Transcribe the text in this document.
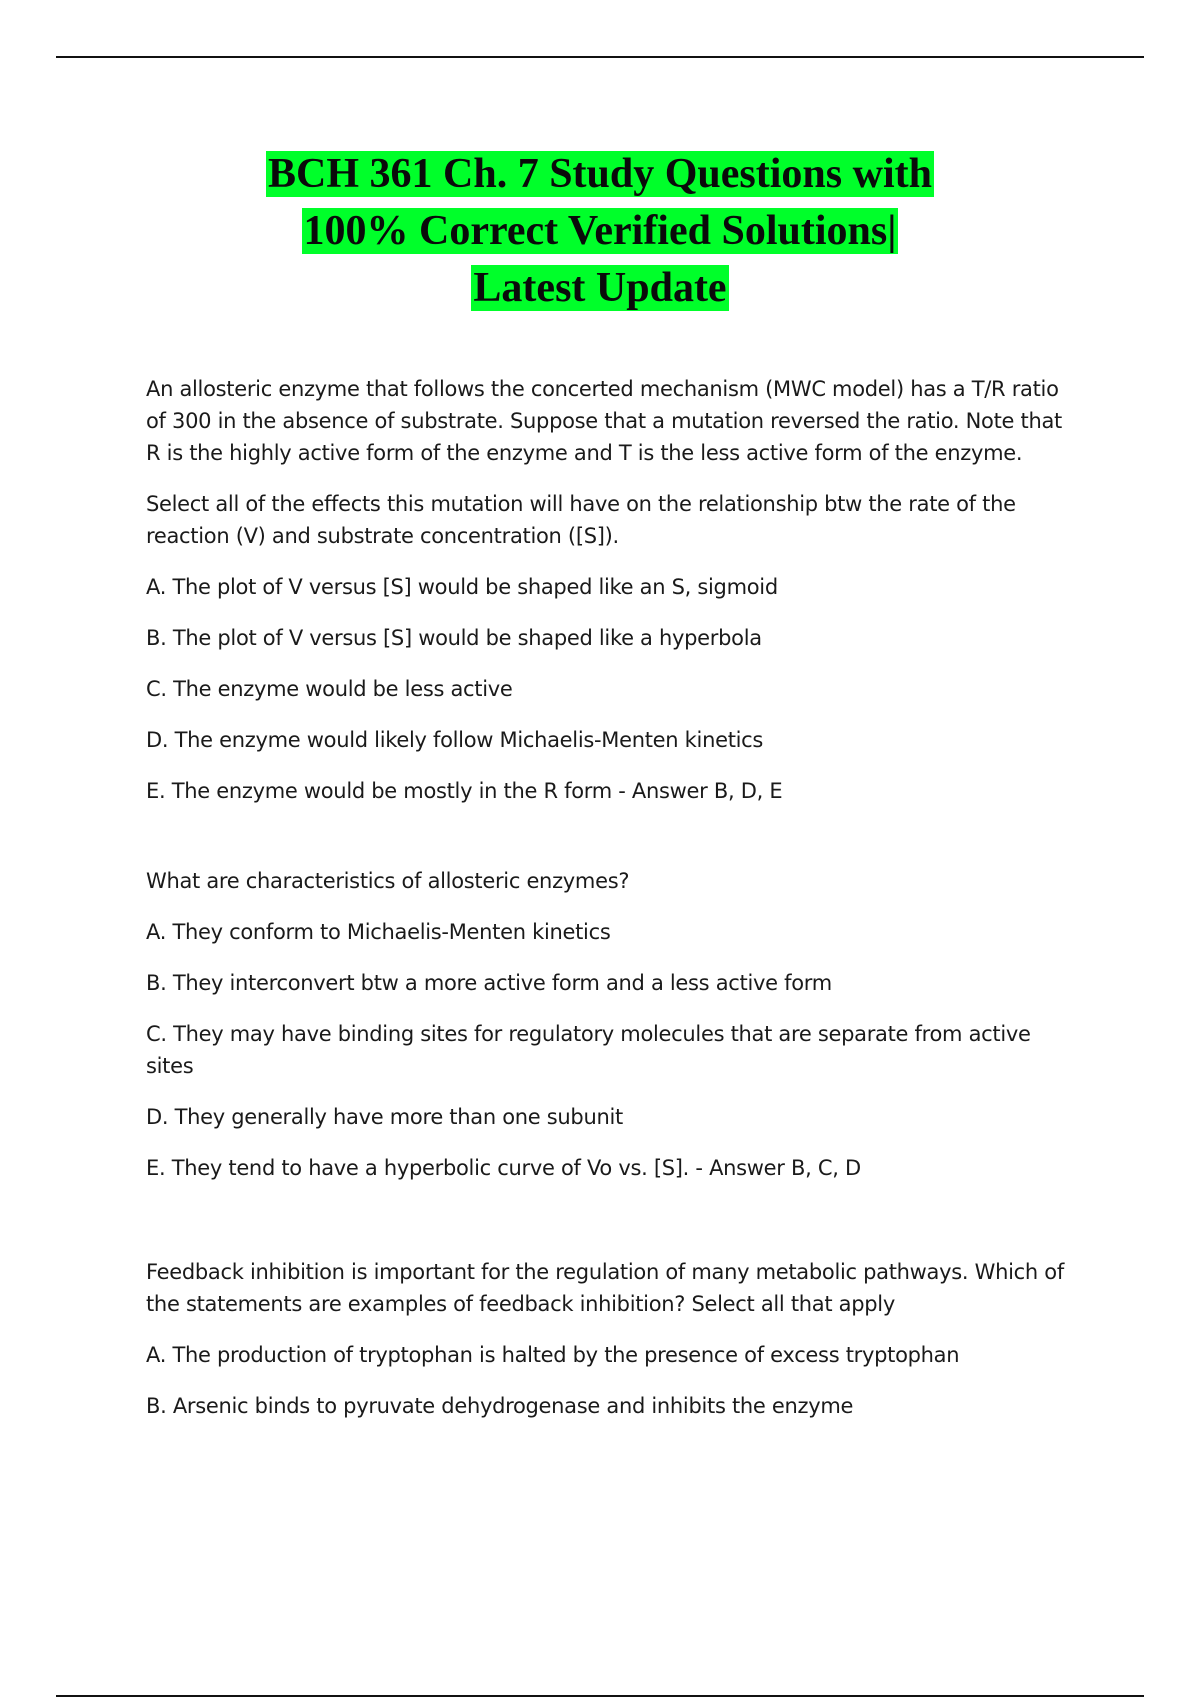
BCH 361 Ch. 7 Study Questions with
100% Correct Verified Solutions|
Latest Update

An allosteric enzyme that follows the concerted mechanism (MWC model) has a T/R ratio of 300 in the absence of substrate. Suppose that a mutation reversed the ratio. Note that R is the highly active form of the enzyme and T is the less active form of the enzyme.

Select all of the effects this mutation will have on the relationship btw the rate of the reaction (V) and substrate concentration ([S]).

A. The plot of V versus [S] would be shaped like an S, sigmoid

B. The plot of V versus [S] would be shaped like a hyperbola

C. The enzyme would be less active

D. The enzyme would likely follow Michaelis-Menten kinetics

E. The enzyme would be mostly in the R form - Answer B, D, E

What are characteristics of allosteric enzymes?

A. They conform to Michaelis-Menten kinetics

B. They interconvert btw a more active form and a less active form

C. They may have binding sites for regulatory molecules that are separate from active sites

D. They generally have more than one subunit

E. They tend to have a hyperbolic curve of Vo vs. [S]. - Answer B, C, D

Feedback inhibition is important for the regulation of many metabolic pathways. Which of the statements are examples of feedback inhibition? Select all that apply

A. The production of tryptophan is halted by the presence of excess tryptophan

B. Arsenic binds to pyruvate dehydrogenase and inhibits the enzyme
